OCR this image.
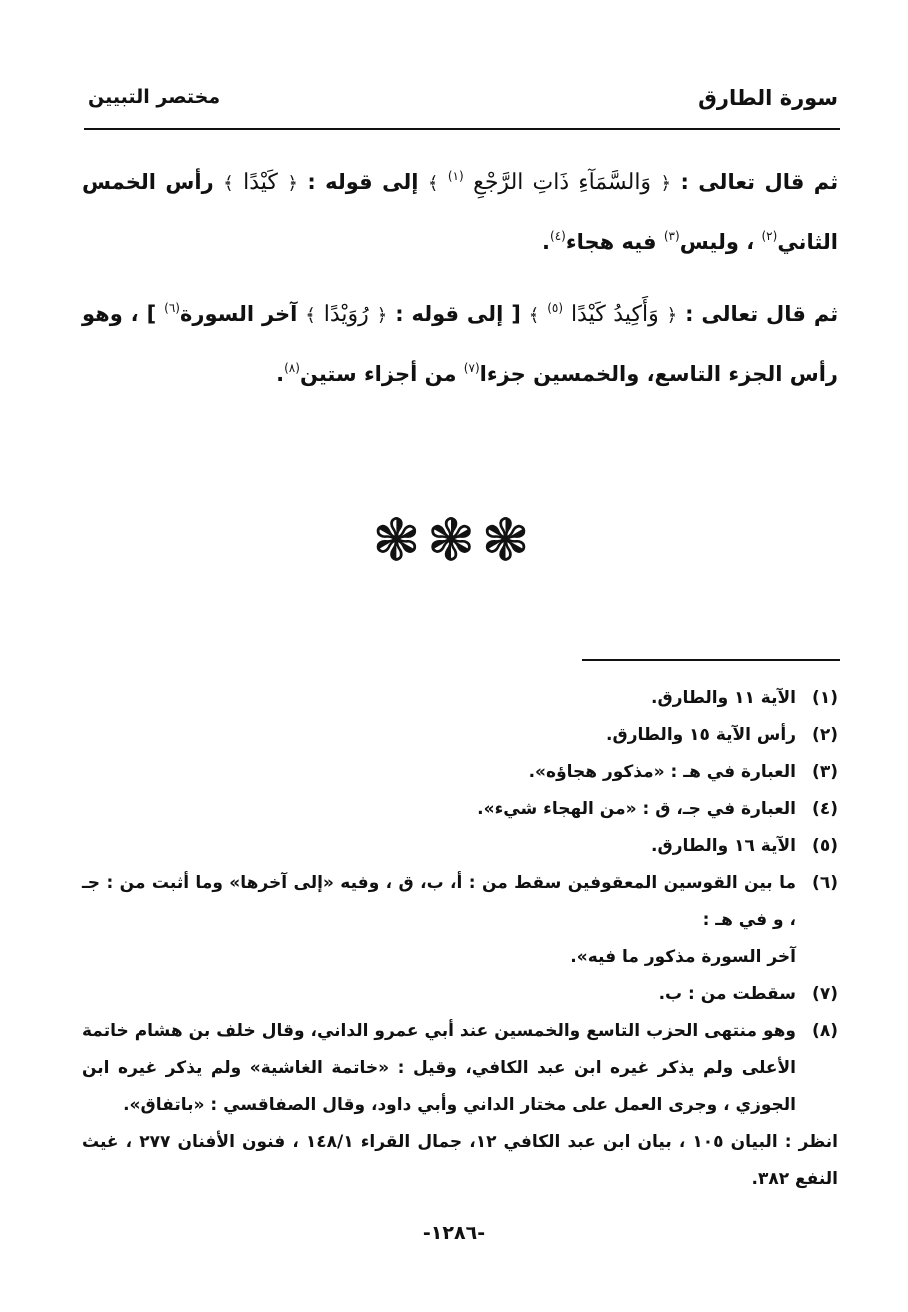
سورة الطارق
مختصر التبيين

ثم قال تعالى : ﴿ وَالسَّمَآءِ ذَاتِ الرَّجْعِ $^{(١)}$ ﴾ إلى قوله : ﴿ كَيْدًا ﴾ رأس الخمس الثاني$^{(٢)}$ ، وليس$^{(٣)}$ فيه هجاء$^{(٤)}$.

ثم قال تعالى : ﴿ وَأَكِيدُ كَيْدًا $^{(٥)}$ ﴾ [ إلى قوله : ﴿ رُوَيْدًا ﴾ آخر السورة$^{(٦)}$ ] ، وهو رأس الجزء التاسع، والخمسين جزءا$^{(٧)}$ من أجزاء ستين$^{(٨)}$.

❃❃❃

(١)
الآية ١١ والطارق.

(٢)
رأس الآية ١٥ والطارق.

(٣)
العبارة في هـ : «مذكور هجاؤه».

(٤)
العبارة في جـ، ق : «من الهجاء شيء».

(٥)
الآية ١٦ والطارق.

(٦)
ما بين القوسين المعقوفين سقط من : أ، ب، ق ، وفيه «إلى آخرها» وما أثبت من : جـ ، و في هـ :
آخر السورة مذكور ما فيه».

(٧)
سقطت من : ب.

(٨)
وهو منتهى الحزب التاسع والخمسين عند أبي عمرو الداني، وقال خلف بن هشام خاتمة الأعلى ولم يذكر غيره ابن عبد الكافي، وقيل : «خاتمة الغاشية» ولم يذكر غيره ابن الجوزي ، وجرى العمل على مختار الداني وأبي داود، وقال الصفاقسي : «باتفاق».

انظر : البيان ١٠٥ ، بيان ابن عبد الكافي ١٢، جمال القراء ١٤٨/١ ، فنون الأفنان ٢٧٧ ، غيث النفع ٣٨٢.

-١٢٨٦-
